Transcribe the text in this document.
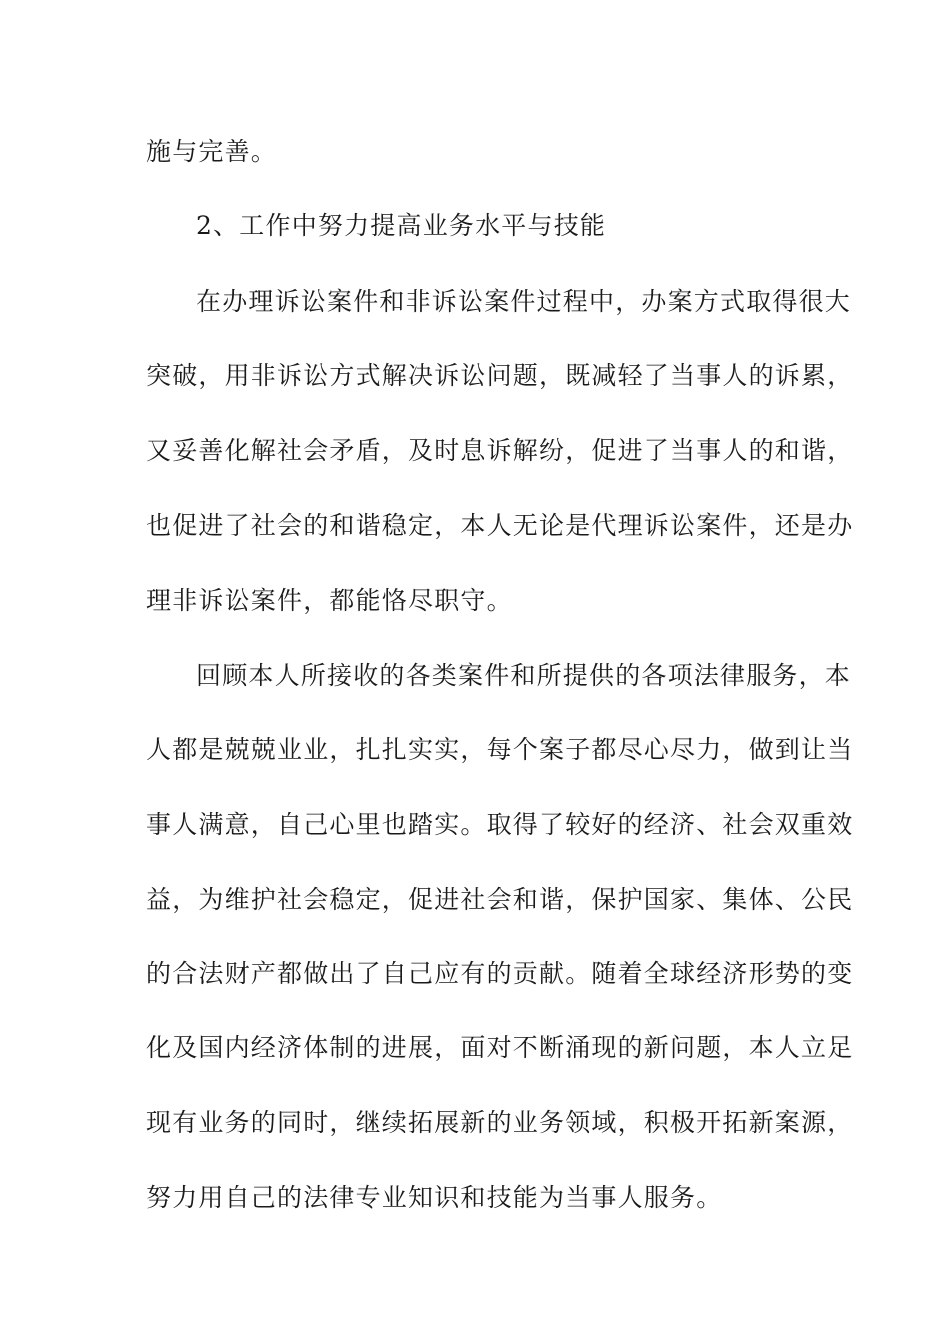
施与完善。
2、工作中努力提高业务水平与技能
在办理诉讼案件和非诉讼案件过程中，办案方式取得很大
突破，用非诉讼方式解决诉讼问题，既减轻了当事人的诉累，
又妥善化解社会矛盾，及时息诉解纷，促进了当事人的和谐，
也促进了社会的和谐稳定，本人无论是代理诉讼案件，还是办
理非诉讼案件，都能恪尽职守。
回顾本人所接收的各类案件和所提供的各项法律服务，本
人都是兢兢业业，扎扎实实，每个案子都尽心尽力，做到让当
事人满意，自己心里也踏实。取得了较好的经济、社会双重效
益，为维护社会稳定，促进社会和谐，保护国家、集体、公民
的合法财产都做出了自己应有的贡献。随着全球经济形势的变
化及国内经济体制的进展，面对不断涌现的新问题，本人立足
现有业务的同时，继续拓展新的业务领域，积极开拓新案源，
努力用自己的法律专业知识和技能为当事人服务。
